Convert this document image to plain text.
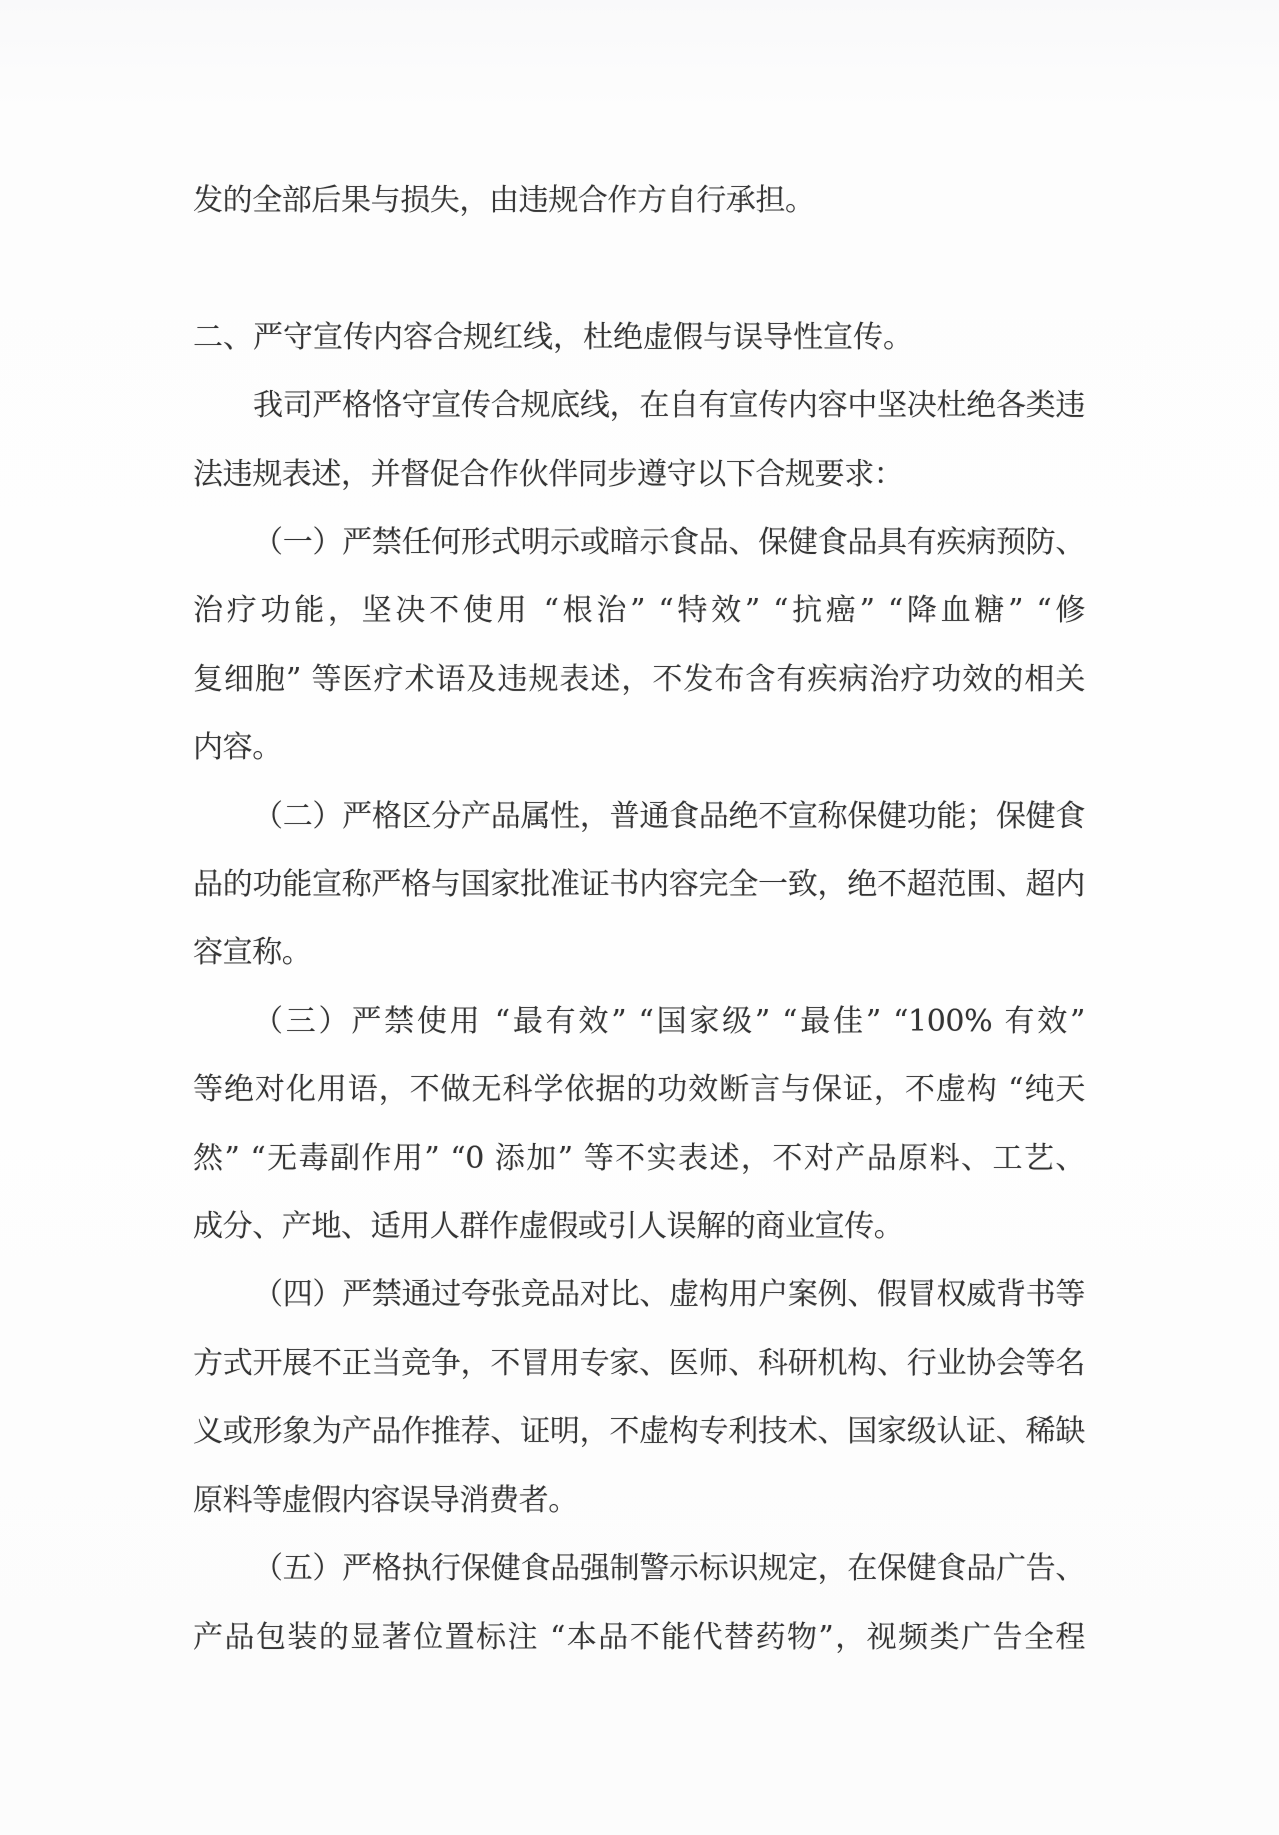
发的全部后果与损失，由违规合作方自行承担。
二、严守宣传内容合规红线，杜绝虚假与误导性宣传。
我司严格恪守宣传合规底线，在自有宣传内容中坚决杜绝各类违
法违规表述，并督促合作伙伴同步遵守以下合规要求：
（一）严禁任何形式明示或暗示食品、保健食品具有疾病预防、
治疗功能，坚决不使用 “根治” “特效” “抗癌” “降血糖” “修
复细胞” 等医疗术语及违规表述，不发布含有疾病治疗功效的相关
内容。
（二）严格区分产品属性，普通食品绝不宣称保健功能；保健食
品的功能宣称严格与国家批准证书内容完全一致，绝不超范围、超内
容宣称。
（三）严禁使用 “最有效” “国家级” “最佳” “100% 有效”
等绝对化用语，不做无科学依据的功效断言与保证，不虚构 “纯天
然” “无毒副作用” “0 添加” 等不实表述，不对产品原料、工艺、
成分、产地、适用人群作虚假或引人误解的商业宣传。
（四）严禁通过夸张竞品对比、虚构用户案例、假冒权威背书等
方式开展不正当竞争，不冒用专家、医师、科研机构、行业协会等名
义或形象为产品作推荐、证明，不虚构专利技术、国家级认证、稀缺
原料等虚假内容误导消费者。
（五）严格执行保健食品强制警示标识规定，在保健食品广告、
产品包装的显著位置标注 “本品不能代替药物”，视频类广告全程
